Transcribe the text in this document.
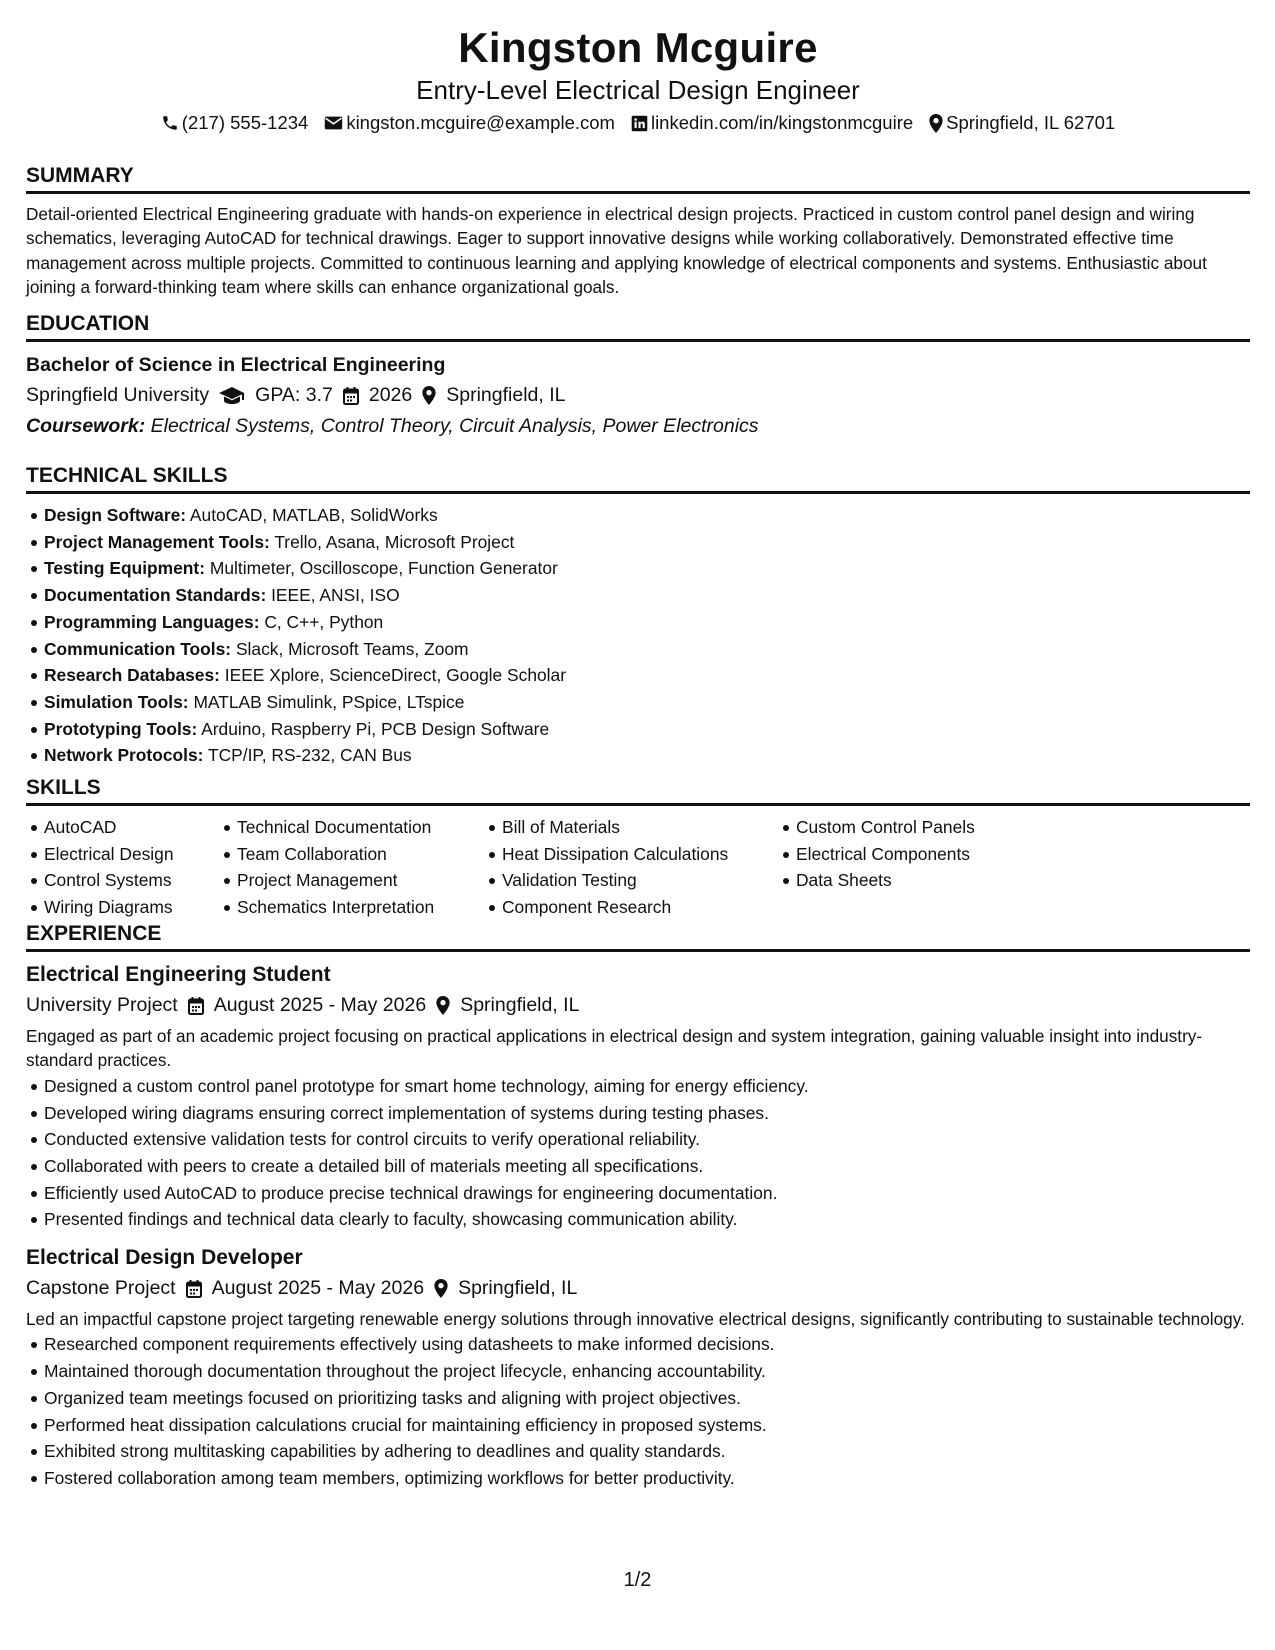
Kingston Mcguire
Entry-Level Electrical Design Engineer
(217) 555-1234 kingston.mcguire@example.com linkedin.com/in/kingstonmcguire Springfield, IL 62701
SUMMARY

Detail-oriented Electrical Engineering graduate with hands-on experience in electrical design projects. Practiced in custom control panel design and wiring schematics, leveraging AutoCAD for technical drawings. Eager to support innovative designs while working collaboratively. Demonstrated effective time management across multiple projects. Committed to continuous learning and applying knowledge of electrical components and systems. Enthusiastic about joining a forward-thinking team where skills can enhance organizational goals.

EDUCATION
Bachelor of Science in Electrical Engineering
Springfield University GPA: 3.7 2026 Springfield, IL
Coursework: Electrical Systems, Control Theory, Circuit Analysis, Power Electronics
TECHNICAL SKILLS
Design Software: AutoCAD, MATLAB, SolidWorks
Project Management Tools: Trello, Asana, Microsoft Project
Testing Equipment: Multimeter, Oscilloscope, Function Generator
Documentation Standards: IEEE, ANSI, ISO
Programming Languages: C, C++, Python
Communication Tools: Slack, Microsoft Teams, Zoom
Research Databases: IEEE Xplore, ScienceDirect, Google Scholar
Simulation Tools: MATLAB Simulink, PSpice, LTspice
Prototyping Tools: Arduino, Raspberry Pi, PCB Design Software
Network Protocols: TCP/IP, RS-232, CAN Bus
SKILLS
AutoCAD
Electrical Design
Control Systems
Wiring Diagrams
Technical Documentation
Team Collaboration
Project Management
Schematics Interpretation
Bill of Materials
Heat Dissipation Calculations
Validation Testing
Component Research
Custom Control Panels
Electrical Components
Data Sheets
EXPERIENCE
Electrical Engineering Student
University Project August 2025 - May 2026 Springfield, IL

Engaged as part of an academic project focusing on practical applications in electrical design and system integration, gaining valuable insight into industry-standard practices.

Designed a custom control panel prototype for smart home technology, aiming for energy efficiency.
Developed wiring diagrams ensuring correct implementation of systems during testing phases.
Conducted extensive validation tests for control circuits to verify operational reliability.
Collaborated with peers to create a detailed bill of materials meeting all specifications.
Efficiently used AutoCAD to produce precise technical drawings for engineering documentation.
Presented findings and technical data clearly to faculty, showcasing communication ability.
Electrical Design Developer
Capstone Project August 2025 - May 2026 Springfield, IL

Led an impactful capstone project targeting renewable energy solutions through innovative electrical designs, significantly contributing to sustainable technology.

Researched component requirements effectively using datasheets to make informed decisions.
Maintained thorough documentation throughout the project lifecycle, enhancing accountability.
Organized team meetings focused on prioritizing tasks and aligning with project objectives.
Performed heat dissipation calculations crucial for maintaining efficiency in proposed systems.
Exhibited strong multitasking capabilities by adhering to deadlines and quality standards.
Fostered collaboration among team members, optimizing workflows for better productivity.
1/2
